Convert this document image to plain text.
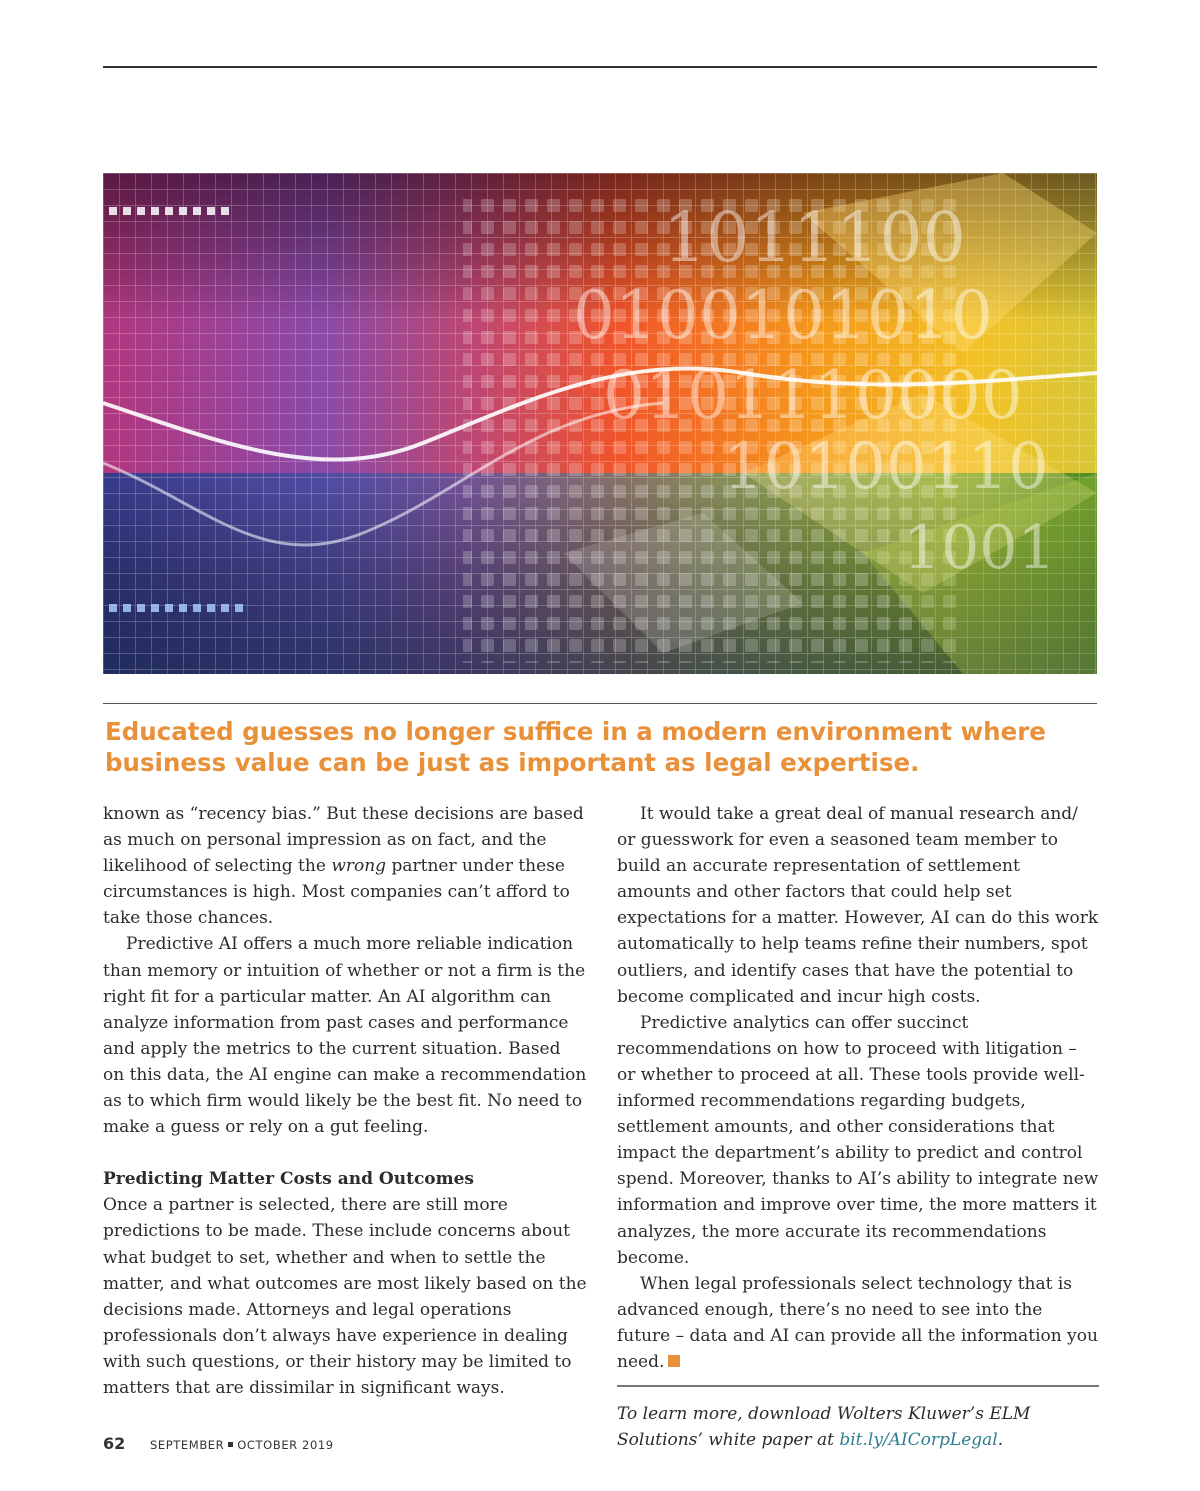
1011100
0100101010
0101110000
10100110
1001
Educated guesses no longer suffice in a modern environment where business value can be just as important as legal expertise.

known as “recency bias.” But these decisions are based as much on personal impression as on fact, and the likelihood of selecting the wrong partner under these circumstances is high. Most companies can’t afford to take those chances.

Predictive AI offers a much more reliable indication than memory or intuition of whether or not a firm is the right fit for a particular matter. An AI algorithm can analyze information from past cases and performance and apply the metrics to the current situation. Based on this data, the AI engine can make a recommendation as to which firm would likely be the best fit. No need to make a guess or rely on a gut feeling.

Predicting Matter Costs and Outcomes

Once a partner is selected, there are still more predictions to be made. These include concerns about what budget to set, whether and when to settle the matter, and what outcomes are most likely based on the decisions made. Attorneys and legal operations professionals don’t always have experience in dealing with such questions, or their history may be limited to matters that are dissimilar in significant ways.

It would take a great deal of manual research and/ or guesswork for even a seasoned team member to build an accurate representation of settlement amounts and other factors that could help set expectations for a matter. However, AI can do this work automatically to help teams refine their numbers, spot outliers, and identify cases that have the potential to become complicated and incur high costs.

Predictive analytics can offer succinct recommendations on how to proceed with litigation – or whether to proceed at all. These tools provide well-informed recommendations regarding budgets, settlement amounts, and other considerations that impact the department’s ability to predict and control spend. Moreover, thanks to AI’s ability to integrate new information and improve over time, the more matters it analyzes, the more accurate its recommendations become.

When legal professionals select technology that is advanced enough, there’s no need to see into the future – data and AI can provide all the information you need.

To learn more, download Wolters Kluwer’s ELM Solutions’ white paper at bit.ly/AICorpLegal.

62 SEPTEMBER OCTOBER 2019
